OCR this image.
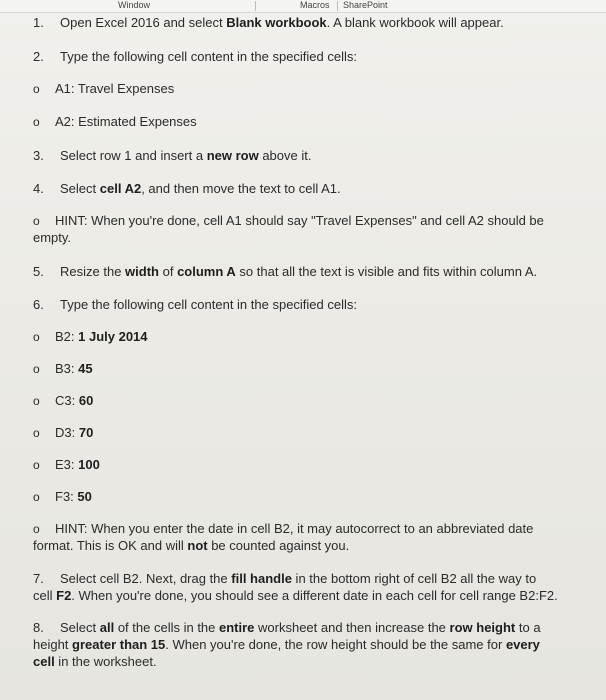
Window	Macros SharePoint
1. Open Excel 2016 and select Blank workbook. A blank workbook will appear.
2. Type the following cell content in the specified cells:
o A1: Travel Expenses
o A2: Estimated Expenses
3. Select row 1 and insert a new row above it.
4. Select cell A2, and then move the text to cell A1.
o HINT: When you're done, cell A1 should say "Travel Expenses" and cell A2 should be
empty.
5. Resize the width of column A so that all the text is visible and fits within column A.
6. Type the following cell content in the specified cells:
o B2: 1 July 2014
o B3: 45
o C3: 60
o D3: 70
o E3: 100
o F3: 50
o HINT: When you enter the date in cell B2, it may autocorrect to an abbreviated date
format. This is OK and will not be counted against you.
7. Select cell B2. Next, drag the fill handle in the bottom right of cell B2 all the way to
cell F2. When you're done, you should see a different date in each cell for cell range B2:F2.
8. Select all of the cells in the entire worksheet and then increase the row height to a
height greater than 15. When you're done, the row height should be the same for every
cell in the worksheet.
